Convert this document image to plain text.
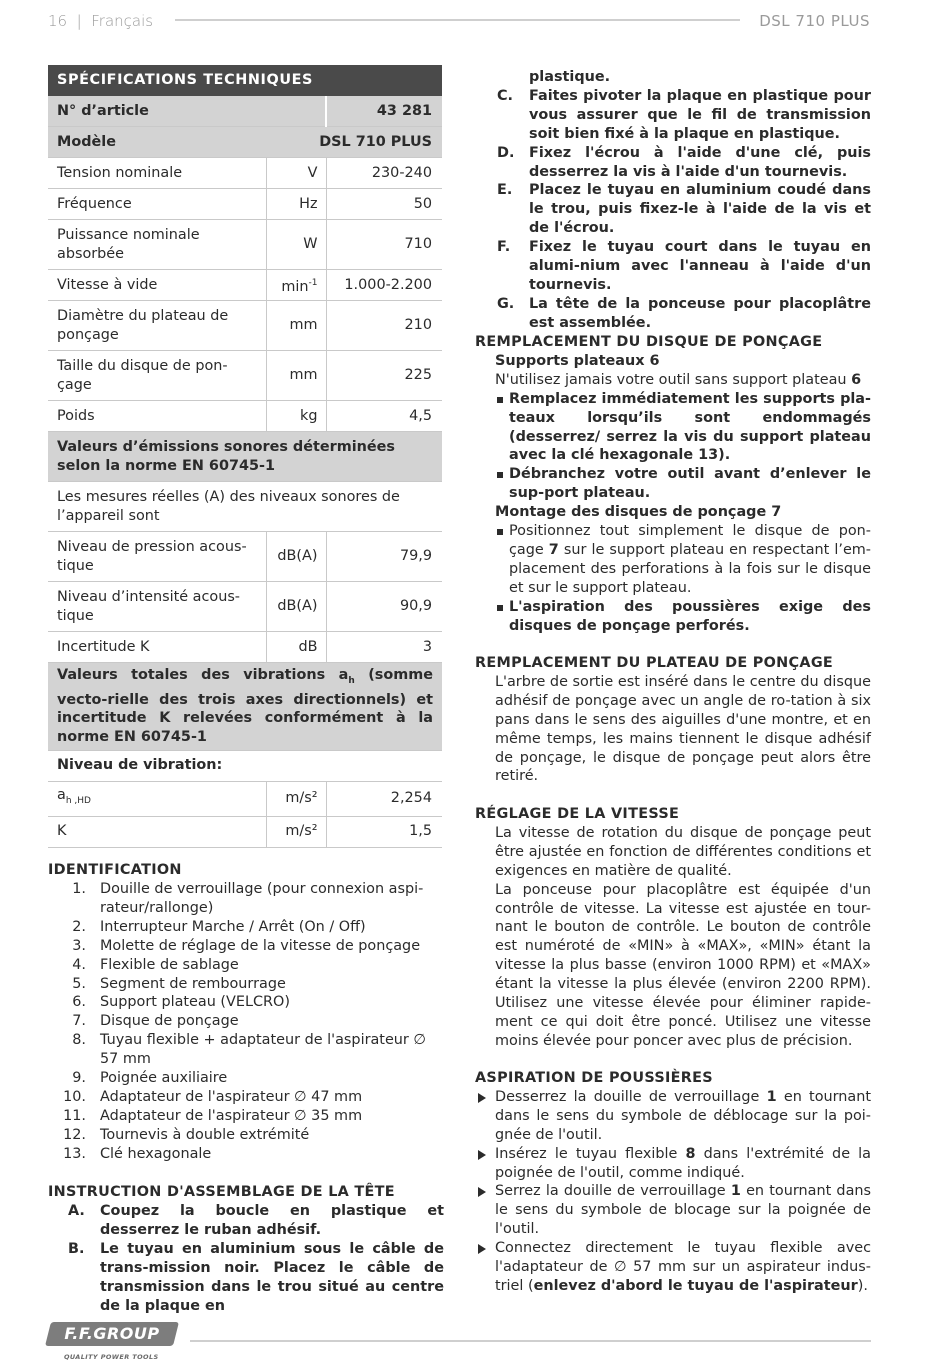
16 | Français	DSL 710 PLUS
SPÉCIFICATIONS TECHNIQUES		
N° d’article		43 281
Modèle	DSL 710 PLUS	
Tension nominale	V	230-240
Fréquence	Hz	50
Puissance nominale absorbée	W	710
Vitesse à vide	$\min^{-1}$	1.000-2.200
Diamètre du plateau de ponçage	mm	210
Taille du disque de pon-çage	mm	225
Poids	kg	4,5
Valeurs d’émissions sonores déterminées selon la norme EN 60745-1		
Les mesures réelles (A) des niveaux sonores de l’appareil sont		
Niveau de pression acous-tique	dB(A)	79,9
Niveau d’intensité acous-tique	dB(A)	90,9
Incertitude K	dB	3
Valeurs totales des vibrations $a_h$ (somme vecto-rielle des trois axes directionnels) et incertitude K relevées conformément à la norme EN 60745-1		
Niveau de vibration:		
$a_{h ,HD}$	m/s²	2,254
K	m/s²	1,5
IDENTIFICATION
1. Douille de verrouillage (pour connexion aspi-rateur/rallonge)
2. Interrupteur Marche / Arrêt (On / Off)
3. Molette de réglage de la vitesse de ponçage
4. Flexible de sablage
5. Segment de rembourrage
6. Support plateau (VELCRO)
7. Disque de ponçage
8. Tuyau flexible + adaptateur de l'aspirateur ∅ 57 mm
9. Poignée auxiliaire
10. Adaptateur de l'aspirateur ∅ 47 mm
11. Adaptateur de l'aspirateur ∅ 35 mm
12. Tournevis à double extrémité
13. Clé hexagonale
INSTRUCTION D'ASSEMBLAGE DE LA TÊTE
A. Coupez la boucle en plastique et desserrez le ruban adhésif.
B. Le tuyau en aluminium sous le câble de trans-mission noir. Placez le câble de transmission dans le trou situé au centre de la plaque en
plastique.
C. Faites pivoter la plaque en plastique pour vous assurer que le fil de transmission soit bien fixé à la plaque en plastique.
D. Fixez l'écrou à l'aide d'une clé, puis desserrez la vis à l'aide d'un tournevis.
E. Placez le tuyau en aluminium coudé dans le trou, puis fixez-le à l'aide de la vis et de l'écrou.
F. Fixez le tuyau court dans le tuyau en alumi-nium avec l'anneau à l'aide d'un tournevis.
G. La tête de la ponceuse pour placoplâtre est assemblée.
REMPLACEMENT DU DISQUE DE PONÇAGE
Supports plateaux 6
N'utilisez jamais votre outil sans support plateau 6
Remplacez immédiatement les supports pla-teaux lorsqu’ils sont endommagés (desserrez/ serrez la vis du support plateau avec la clé hexagonale 13).
Débranchez votre outil avant d’enlever le sup-port plateau.
Montage des disques de ponçage 7
Positionnez tout simplement le disque de pon-çage 7 sur le support plateau en respectant l’em-placement des perforations à la fois sur le disque et sur le support plateau.
L'aspiration des poussières exige des disques de ponçage perforés.
REMPLACEMENT DU PLATEAU DE PONÇAGE
L'arbre de sortie est inséré dans le centre du disque adhésif de ponçage avec un angle de ro-tation à six pans dans le sens des aiguilles d'une montre, et en même temps, les mains tiennent le disque adhésif de ponçage, le disque de ponçage peut alors être retiré.
RÉGLAGE DE LA VITESSE
La vitesse de rotation du disque de ponçage peut être ajustée en fonction de différentes conditions et exigences en matière de qualité.
La ponceuse pour placoplâtre est équipée d'un contrôle de vitesse. La vitesse est ajustée en tour-nant le bouton de contrôle. Le bouton de contrôle est numéroté de «MIN» à «MAX», «MIN» étant la vitesse la plus basse (environ 1000 RPM) et «MAX» étant la vitesse la plus élevée (environ 2200 RPM). Utilisez une vitesse élevée pour éliminer rapide-ment ce qui doit être poncé. Utilisez une vitesse moins élevée pour poncer avec plus de précision.
ASPIRATION DE POUSSIÈRES
Desserrez la douille de verrouillage 1 en tournant dans le sens du symbole de déblocage sur la poi-gnée de l'outil.
Insérez le tuyau flexible 8 dans l'extrémité de la poignée de l'outil, comme indiqué.
Serrez la douille de verrouillage 1 en tournant dans le sens du symbole de blocage sur la poignée de l'outil.
Connectez directement le tuyau flexible avec l'adaptateur de ∅ 57 mm sur un aspirateur indus-triel (enlevez d'abord le tuyau de l'aspirateur).
F.F.GROUP
QUALITY POWER TOOLS
